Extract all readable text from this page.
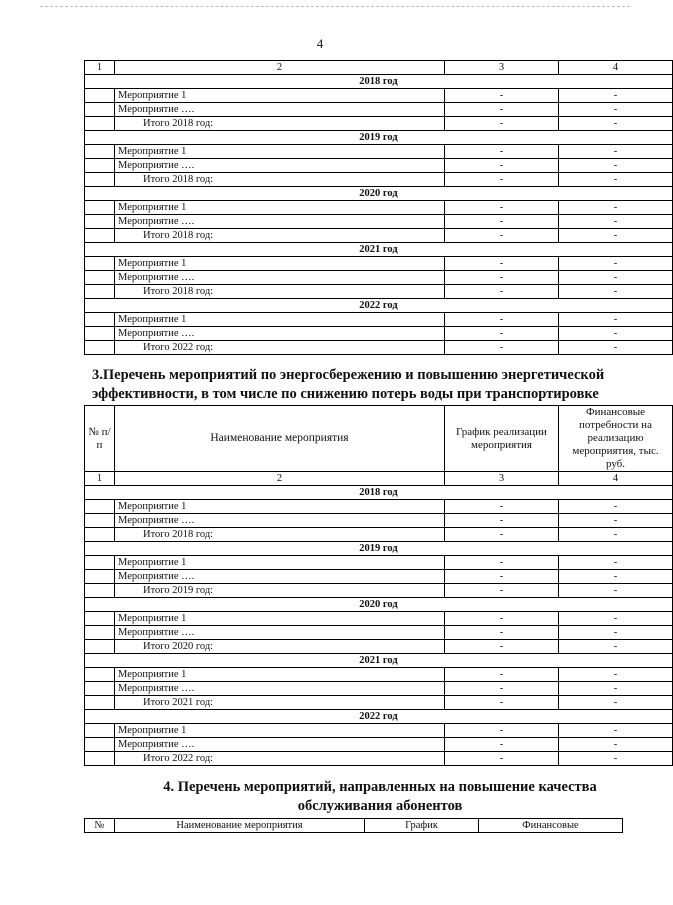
4
1	2	3	4
2018 год			
	Мероприятие 1	-	-
	Мероприятие ….	-	-
	Итого 2018 год:	-	-
2019 год			
	Мероприятие 1	-	-
	Мероприятие ….	-	-
	Итого 2018 год:	-	-
2020 год			
	Мероприятие 1	-	-
	Мероприятие ….	-	-
	Итого 2018 год:	-	-
2021 год			
	Мероприятие 1	-	-
	Мероприятие ….	-	-
	Итого 2018 год:	-	-
2022 год			
	Мероприятие 1	-	-
	Мероприятие ….	-	-
	Итого 2022 год:	-	-
3.Перечень мероприятий по энергосбережению и повышению энергетической эффективности, в том числе по снижению потерь воды при транспортировке
№ п/п	Наименование мероприятия	График реализации мероприятия	Финансовые потребности на реализацию мероприятия, тыс. руб.
1	2	3	4
2018 год			
	Мероприятие 1	-	-
	Мероприятие ….	-	-
	Итого 2018 год:	-	-
2019 год			
	Мероприятие 1	-	-
	Мероприятие ….	-	-
	Итого 2019 год:	-	-
2020 год			
	Мероприятие 1	-	-
	Мероприятие ….	-	-
	Итого 2020 год:	-	-
2021 год			
	Мероприятие 1	-	-
	Мероприятие ….	-	-
	Итого 2021 год:	-	-
2022 год			
	Мероприятие 1	-	-
	Мероприятие ….	-	-
	Итого 2022 год:	-	-
4. Перечень мероприятий, направленных на повышение качества
обслуживания абонентов
№	Наименование мероприятия	График	Финансовые
